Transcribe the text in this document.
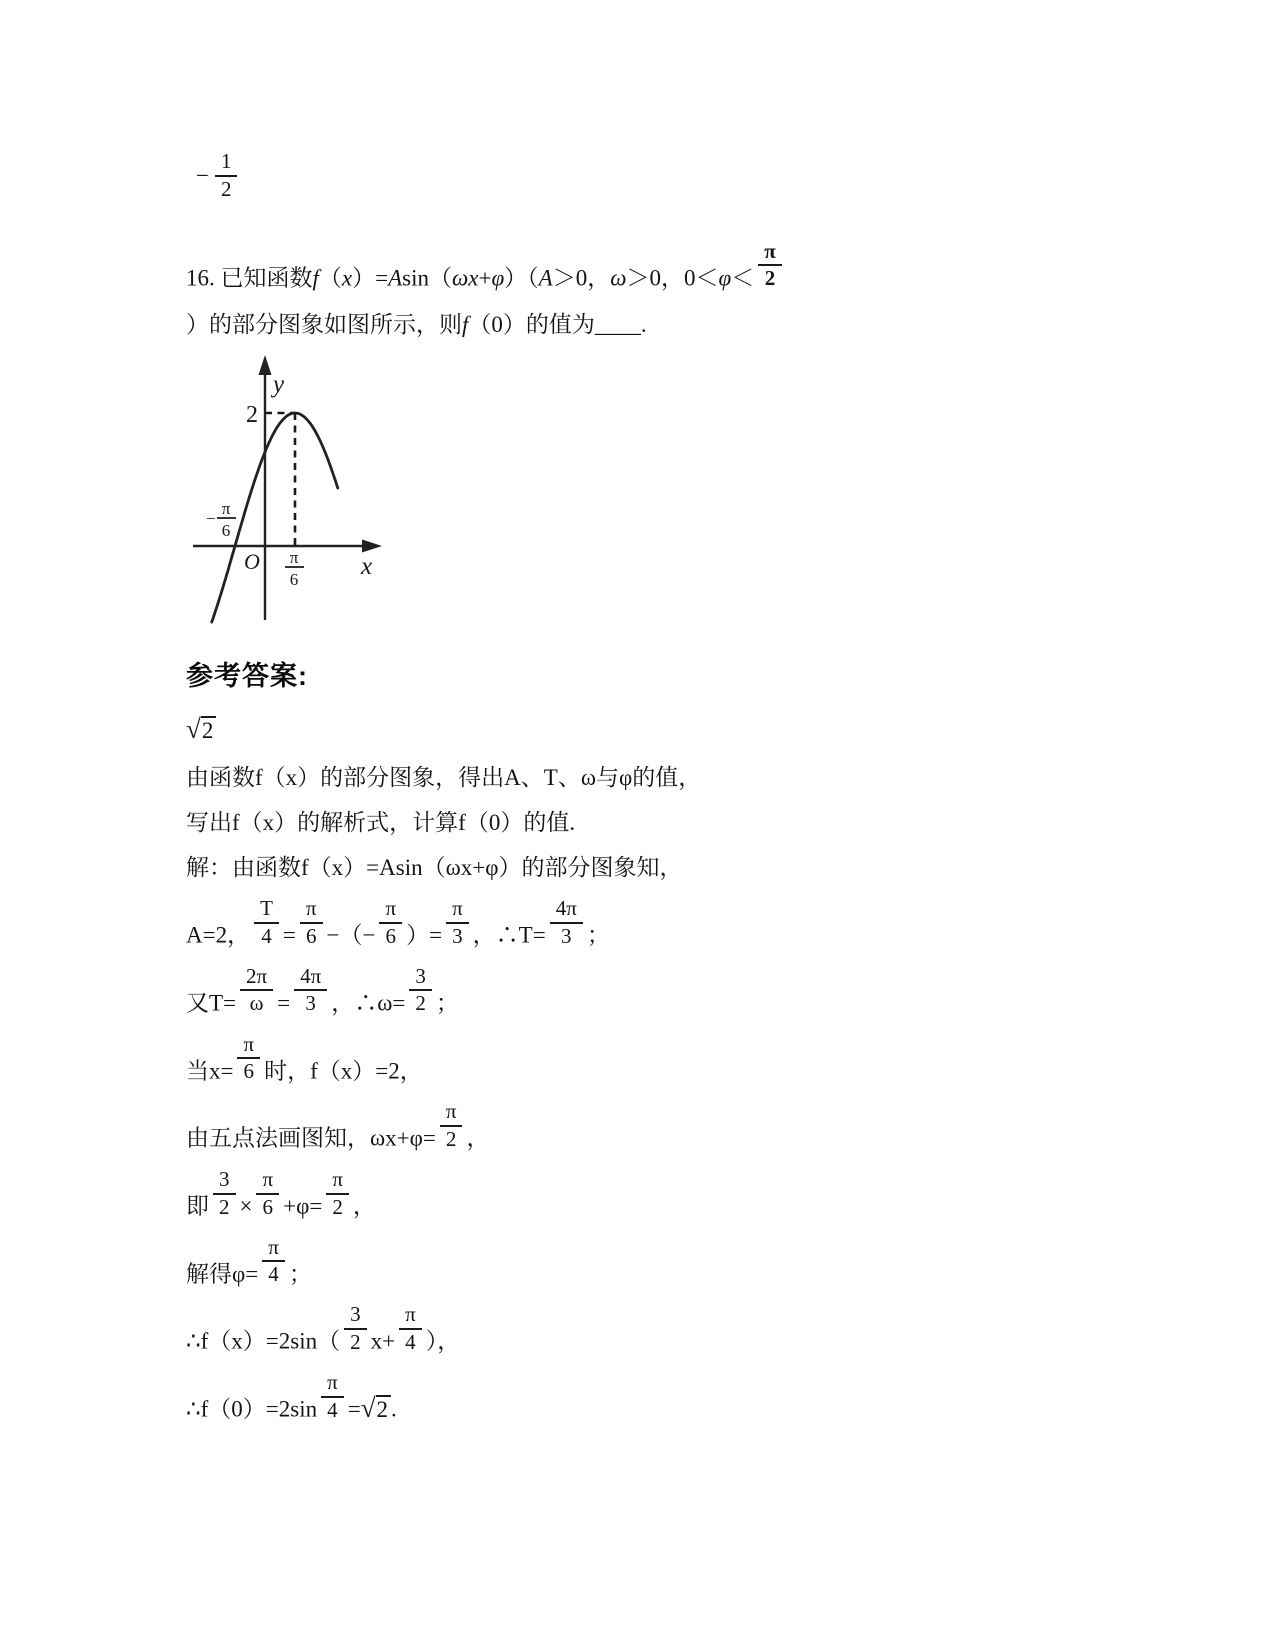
− $\frac{1}{2}$
16. 已知函数f（x）=Asin（ωx+φ）（A＞0，ω＞0，$0<\varphi< \frac{\pi}{2}$
）的部分图象如图所示，则f（0）的值为____.
y
x
O
2
−
π
6
π
6
参考答案:
√2
由函数f（x）的部分图象，得出A、T、ω与φ的值，
写出f（x）的解析式，计算f（0）的值.
解：由函数f（x）=Asin（ωx+φ）的部分图象知，
A=2， $\frac{T}{4} = \frac{\pi}{6}$ −（− $\frac{\pi}{6}$ ）= $\frac{\pi}{3}$ ，∴T= $\frac{4\pi}{3}$ ；
又$T= \frac{2\pi}{\omega} = \frac{4\pi}{3}$ ，∴ω= $\frac{3}{2}$ ；
当$x= \frac{\pi}{6}$ 时，f（x）=2，
由五点法画图知，$\omega x+\varphi= \frac{\pi}{2}$ ，
即 $\frac{3}{2} \times \frac{\pi}{6} +\varphi= \frac{\pi}{2}$ ，
解得$\varphi= \frac{\pi}{4}$ ；
∴f（x）=2sin（ $\frac{3}{2} x+ \frac{\pi}{4}$ ），
∴f（0）=2sin $\frac{\pi}{4} =√2$ .
